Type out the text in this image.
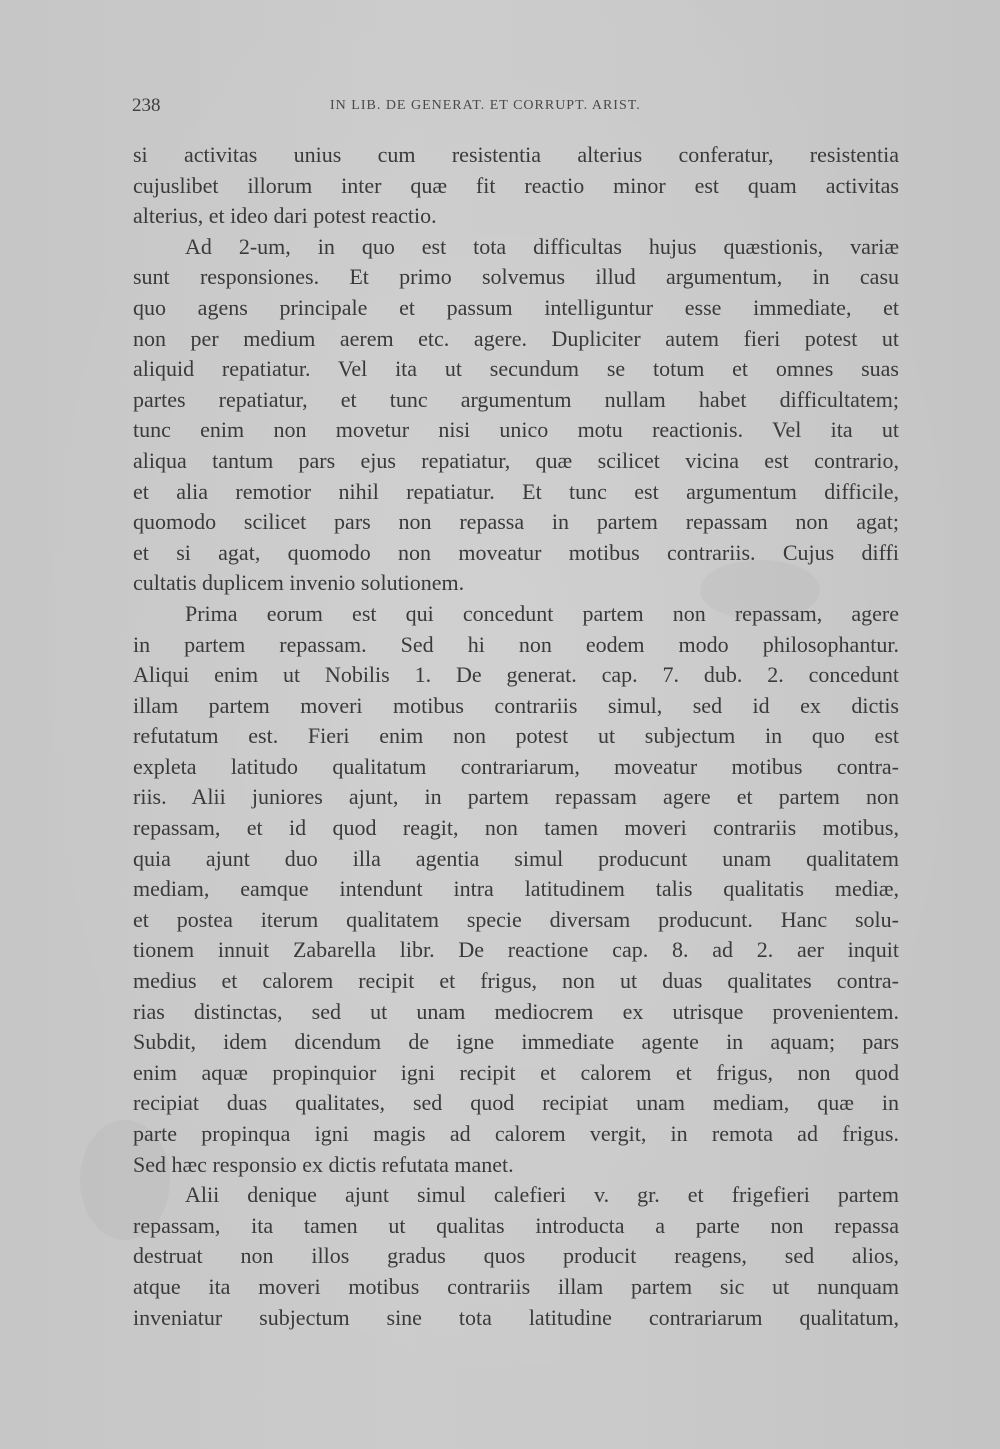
238	IN LIB. DE GENERAT. ET CORRUPT. ARIST.
si activitas unius cum resistentia alterius conferatur, resistentia
cujuslibet illorum inter quæ fit reactio minor est quam activitas
alterius, et ideo dari potest reactio.
Ad 2-um, in quo est tota difficultas hujus quæstionis, variæ
sunt responsiones. Et primo solvemus illud argumentum, in casu
quo agens principale et passum intelliguntur esse immediate, et
non per medium aerem etc. agere. Dupliciter autem fieri potest ut
aliquid repatiatur. Vel ita ut secundum se totum et omnes suas
partes repatiatur, et tunc argumentum nullam habet difficultatem;
tunc enim non movetur nisi unico motu reactionis. Vel ita ut
aliqua tantum pars ejus repatiatur, quæ scilicet vicina est contrario,
et alia remotior nihil repatiatur. Et tunc est argumentum difficile,
quomodo scilicet pars non repassa in partem repassam non agat;
et si agat, quomodo non moveatur motibus contrariis. Cujus diffi
cultatis duplicem invenio solutionem.
Prima eorum est qui concedunt partem non repassam, agere
in partem repassam. Sed hi non eodem modo philosophantur.
Aliqui enim ut Nobilis 1. De generat. cap. 7. dub. 2. concedunt
illam partem moveri motibus contrariis simul, sed id ex dictis
refutatum est. Fieri enim non potest ut subjectum in quo est
expleta latitudo qualitatum contrariarum, moveatur motibus contra-
riis. Alii juniores ajunt, in partem repassam agere et partem non
repassam, et id quod reagit, non tamen moveri contrariis motibus,
quia ajunt duo illa agentia simul producunt unam qualitatem
mediam, eamque intendunt intra latitudinem talis qualitatis mediæ,
et postea iterum qualitatem specie diversam producunt. Hanc solu-
tionem innuit Zabarella libr. De reactione cap. 8. ad 2. aer inquit
medius et calorem recipit et frigus, non ut duas qualitates contra-
rias distinctas, sed ut unam mediocrem ex utrisque provenientem.
Subdit, idem dicendum de igne immediate agente in aquam; pars
enim aquæ propinquior igni recipit et calorem et frigus, non quod
recipiat duas qualitates, sed quod recipiat unam mediam, quæ in
parte propinqua igni magis ad calorem vergit, in remota ad frigus.
Sed hæc responsio ex dictis refutata manet.
Alii denique ajunt simul calefieri v. gr. et frigefieri partem
repassam, ita tamen ut qualitas introducta a parte non repassa
destruat non illos gradus quos producit reagens, sed alios,
atque ita moveri motibus contrariis illam partem sic ut nunquam
inveniatur subjectum sine tota latitudine contrariarum qualitatum,
